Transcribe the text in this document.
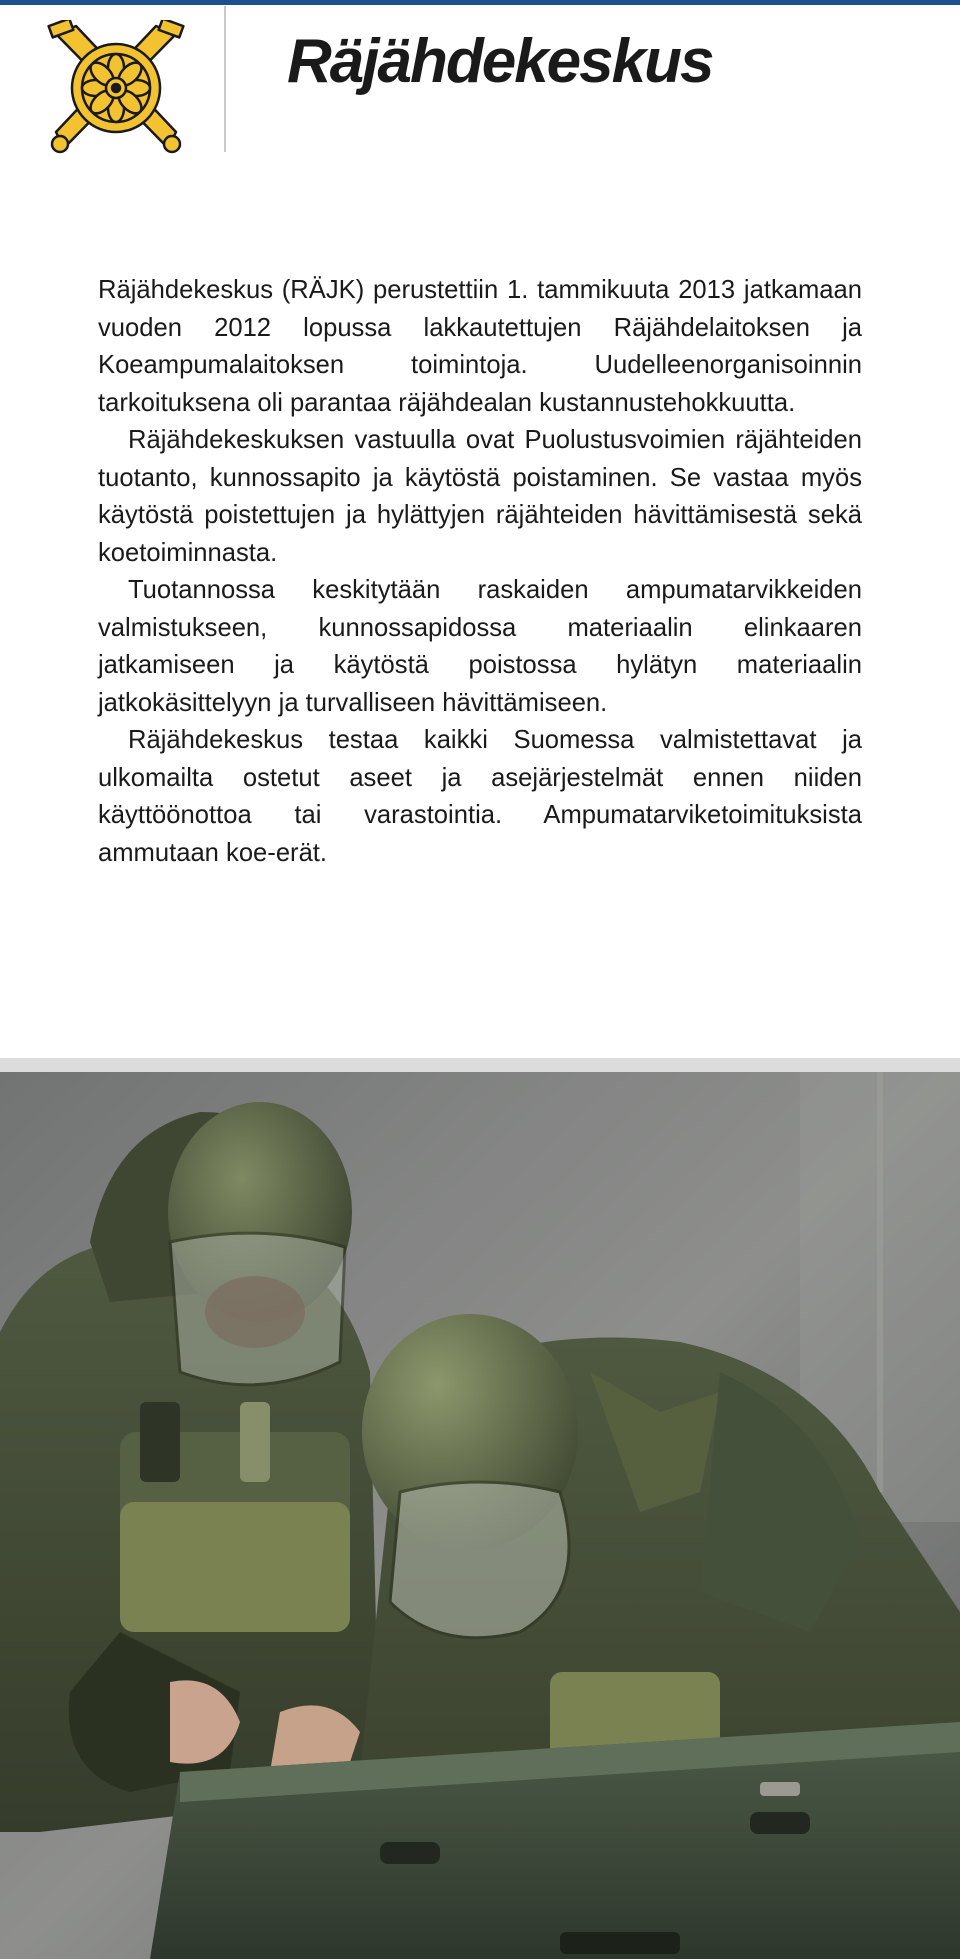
Räjähdekeskus

Räjähdekeskus (RÄJK) perustettiin 1. tammikuuta 2013 jatkamaan vuoden 2012 lopussa lakkautettujen Räjähdelaitoksen ja Koeampumalaitoksen toimintoja. Uudelleenorganisoinnin tarkoituksena oli parantaa räjähdealan kustannustehokkuutta.

Räjähdekeskuksen vastuulla ovat Puolustusvoimien räjähteiden tuotanto, kunnossapito ja käytöstä poistaminen. Se vastaa myös käytöstä poistettujen ja hylättyjen räjähteiden hävittämisestä sekä koetoiminnasta.

Tuotannossa keskitytään raskaiden ampumatarvikkeiden valmistukseen, kunnossapidossa materiaalin elinkaaren jatkamiseen ja käytöstä poistossa hylätyn materiaalin jatkokäsittelyyn ja turvalliseen hävittämiseen.

Räjähdekeskus testaa kaikki Suomessa valmistettavat ja ulkomailta ostetut aseet ja asejärjestelmät ennen niiden käyttöönottoa tai varastointia. Ampumatarviketoimituksista ammutaan koe-erät.
